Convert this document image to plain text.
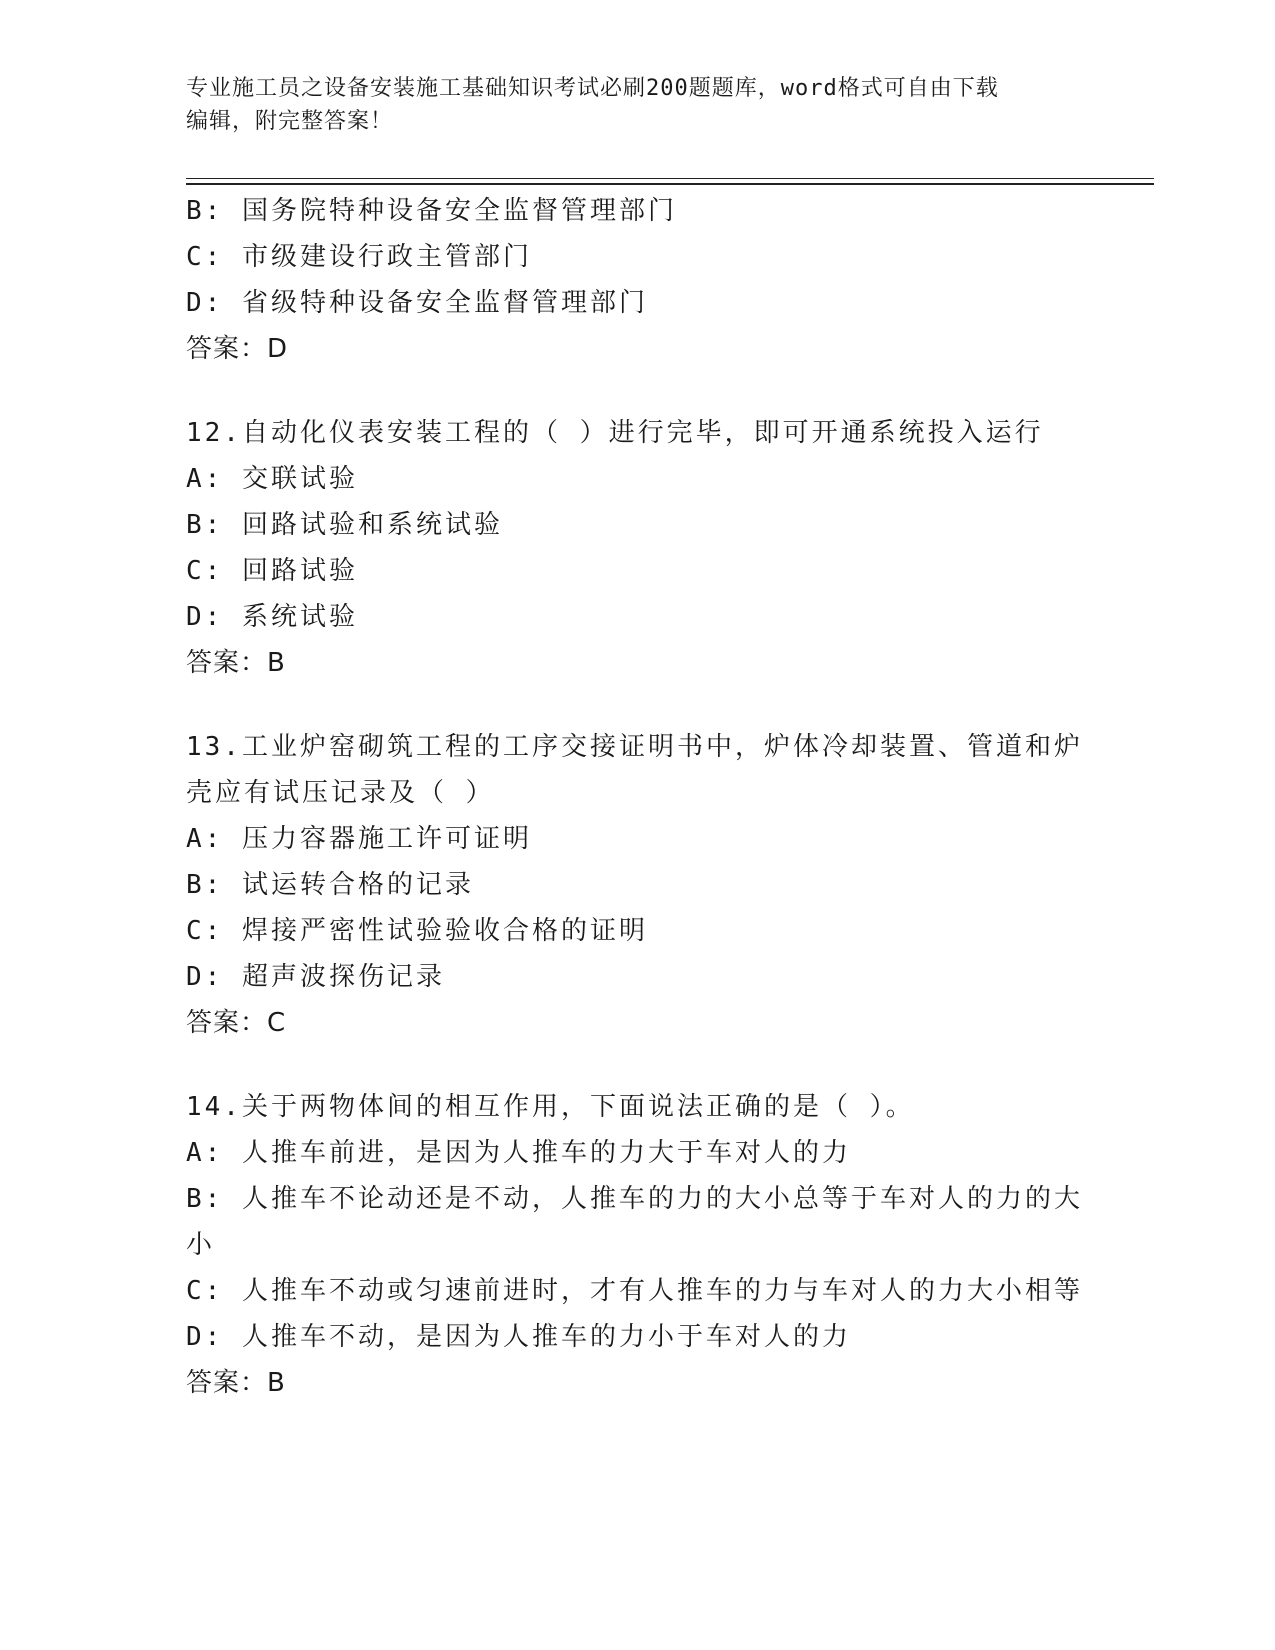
专业施工员之设备安装施工基础知识考试必刷200题题库，word格式可自由下载
编辑，附完整答案！
B: 国务院特种设备安全监督管理部门
C: 市级建设行政主管部门
D: 省级特种设备安全监督管理部门
答案：D
12.自动化仪表安装工程的（ ）进行完毕，即可开通系统投入运行
A: 交联试验
B: 回路试验和系统试验
C: 回路试验
D: 系统试验
答案：B
13.工业炉窑砌筑工程的工序交接证明书中，炉体冷却装置、管道和炉
壳应有试压记录及（ ）
A: 压力容器施工许可证明
B: 试运转合格的记录
C: 焊接严密性试验验收合格的证明
D: 超声波探伤记录
答案：C
14.关于两物体间的相互作用，下面说法正确的是（ ）。
A: 人推车前进，是因为人推车的力大于车对人的力
B: 人推车不论动还是不动，人推车的力的大小总等于车对人的力的大
小
C: 人推车不动或匀速前进时，才有人推车的力与车对人的力大小相等
D: 人推车不动，是因为人推车的力小于车对人的力
答案：B
